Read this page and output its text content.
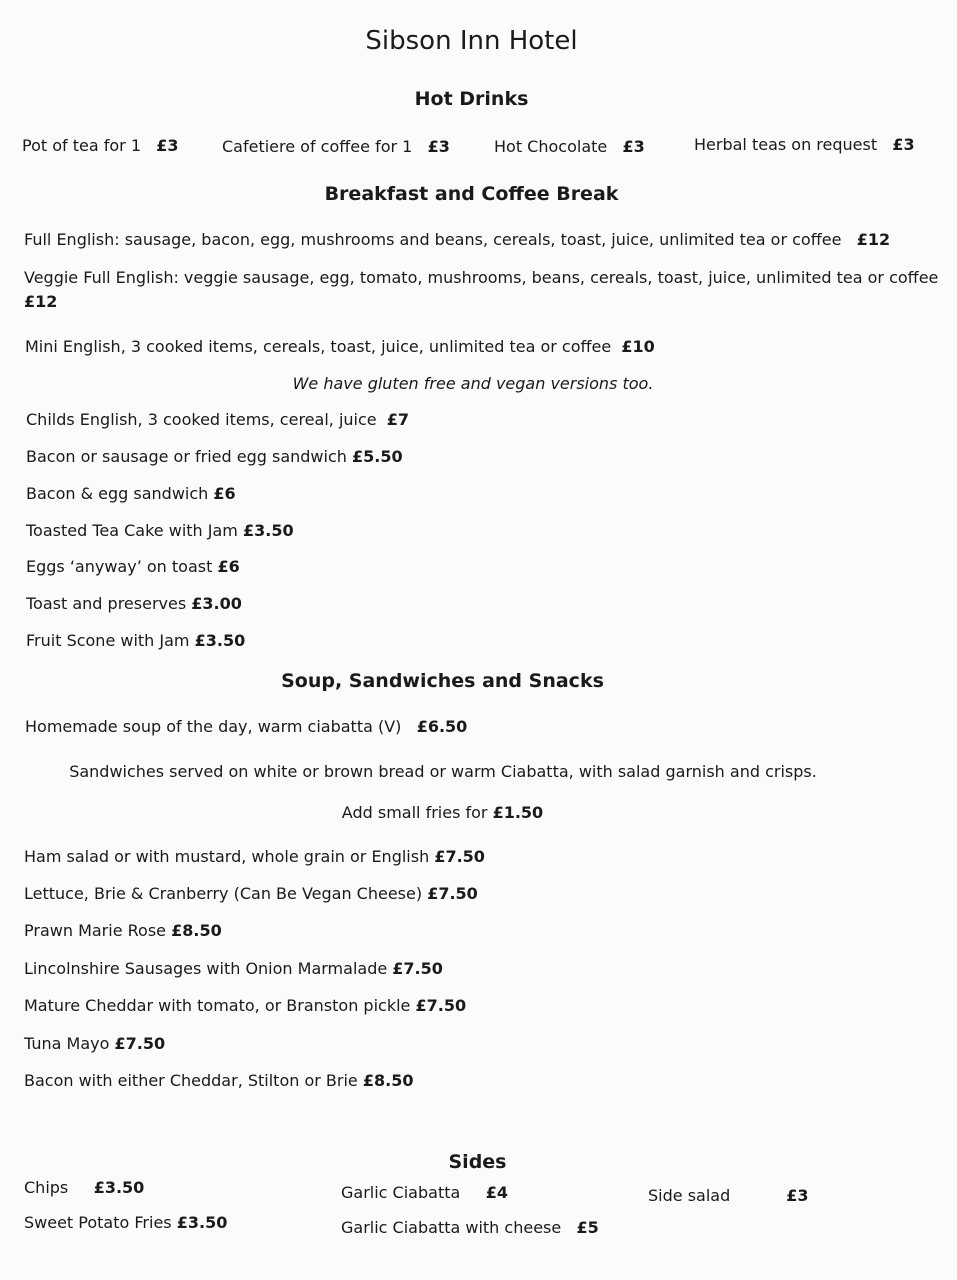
Sibson Inn Hotel
Hot Drinks
Pot of tea for 1 £3	Cafetiere of coffee for 1 £3	Hot Chocolate £3	Herbal teas on request £3
Breakfast and Coffee Break
Full English: sausage, bacon, egg, mushrooms and beans, cereals, toast, juice, unlimited tea or coffee £12
Veggie Full English: veggie sausage, egg, tomato, mushrooms, beans, cereals, toast, juice, unlimited tea or coffee
£12
Mini English, 3 cooked items, cereals, toast, juice, unlimited tea or coffee £10
We have gluten free and vegan versions too.
Childs English, 3 cooked items, cereal, juice £7
Bacon or sausage or fried egg sandwich £5.50
Bacon & egg sandwich £6
Toasted Tea Cake with Jam £3.50
Eggs ‘anyway’ on toast £6
Toast and preserves £3.00
Fruit Scone with Jam £3.50
Soup, Sandwiches and Snacks
Homemade soup of the day, warm ciabatta (V) £6.50
Sandwiches served on white or brown bread or warm Ciabatta, with salad garnish and crisps.
Add small fries for £1.50
Ham salad or with mustard, whole grain or English £7.50
Lettuce, Brie & Cranberry (Can Be Vegan Cheese) £7.50
Prawn Marie Rose £8.50
Lincolnshire Sausages with Onion Marmalade £7.50
Mature Cheddar with tomato, or Branston pickle £7.50
Tuna Mayo £7.50
Bacon with either Cheddar, Stilton or Brie £8.50
Sides
Chips £3.50
Sweet Potato Fries £3.50
Garlic Ciabatta £4
Garlic Ciabatta with cheese £5
Side salad	£3
